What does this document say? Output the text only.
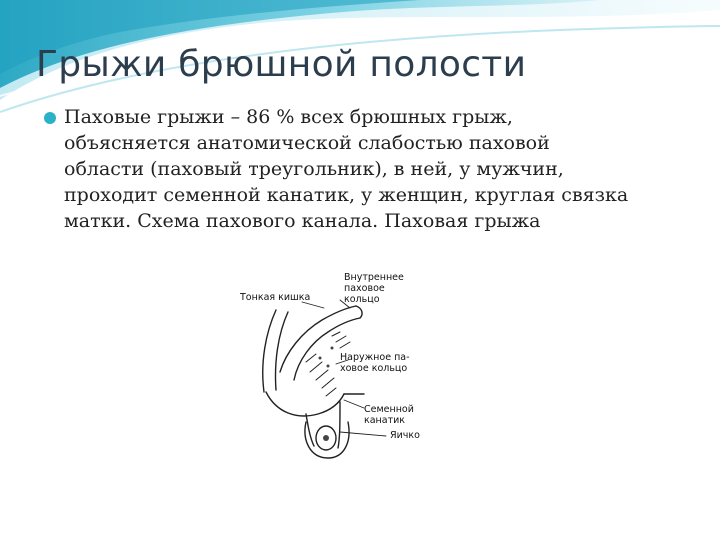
Грыжи брюшной полости
Паховые грыжи – 86 % всех брюшных грыж,
объясняется анатомической слабостью паховой
области (паховый треугольник), в ней, у мужчин,
проходит семенной канатик, у женщин, круглая связка
матки. Схема пахового канала. Паховая грыжа
Тонкая кишка
Внутреннее
паховое
кольцо
Наружное па-
ховое кольцо
Семенной
канатик
Яичко
